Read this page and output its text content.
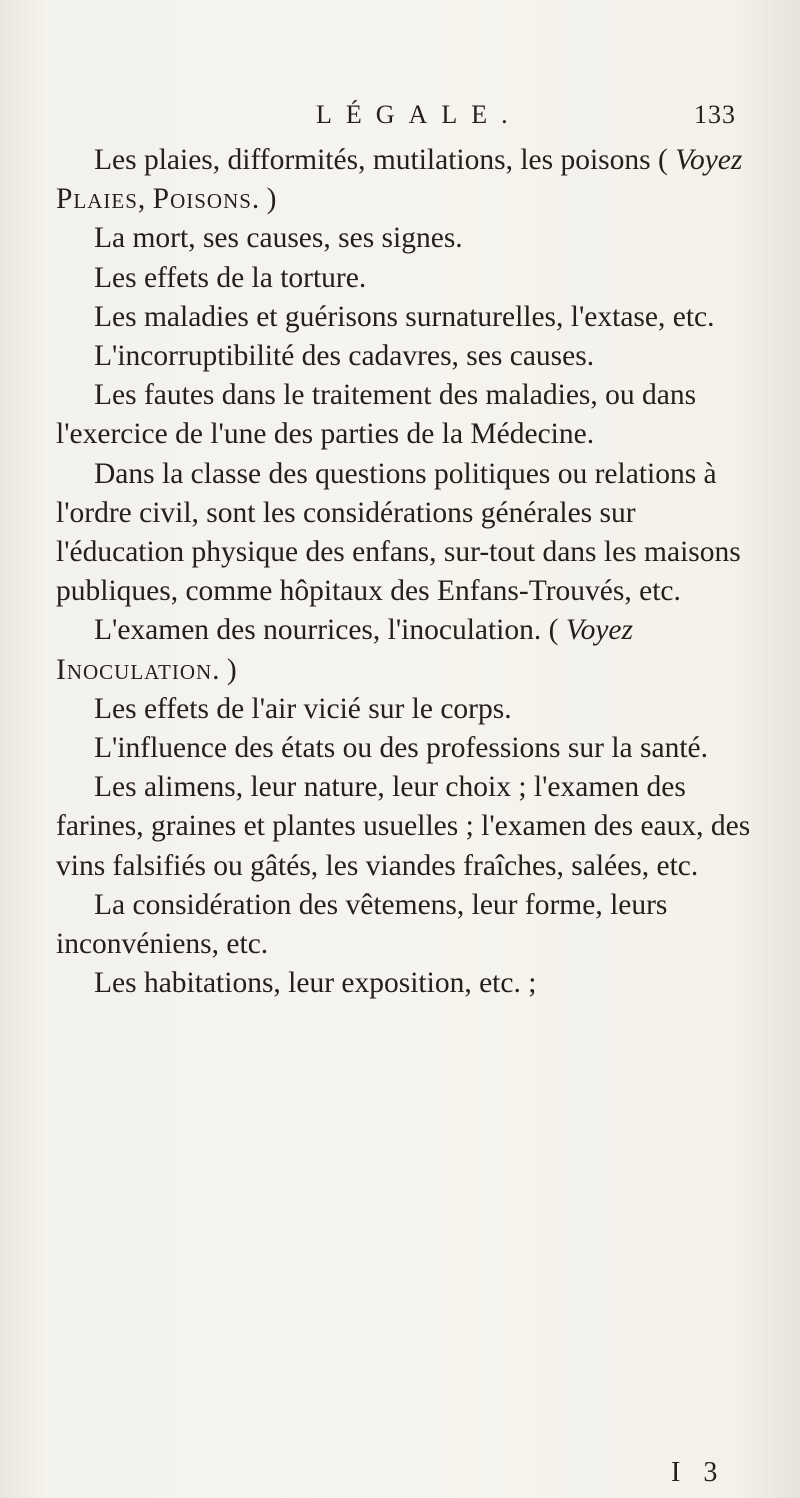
LÉGALE.	133

Les plaies, difformités, mutilations, les poisons ( Voyez Plaies, Poisons. )

La mort, ses causes, ses signes.

Les effets de la torture.

Les maladies et guérisons surnaturelles, l'extase, etc.

L'incorruptibilité des cadavres, ses causes.

Les fautes dans le traitement des maladies, ou dans l'exercice de l'une des parties de la Médecine.

Dans la classe des questions politiques ou relations à l'ordre civil, sont les considérations générales sur l'éducation physique des enfans, sur-tout dans les maisons publiques, comme hôpitaux des Enfans-Trouvés, etc.

L'examen des nourrices, l'inoculation. ( Voyez Inoculation. )

Les effets de l'air vicié sur le corps.

L'influence des états ou des professions sur la santé.

Les alimens, leur nature, leur choix ; l'examen des farines, graines et plantes usuelles ; l'examen des eaux, des vins falsifiés ou gâtés, les viandes fraîches, salées, etc.

La considération des vêtemens, leur forme, leurs inconvéniens, etc.

Les habitations, leur exposition, etc. ;

I 3
